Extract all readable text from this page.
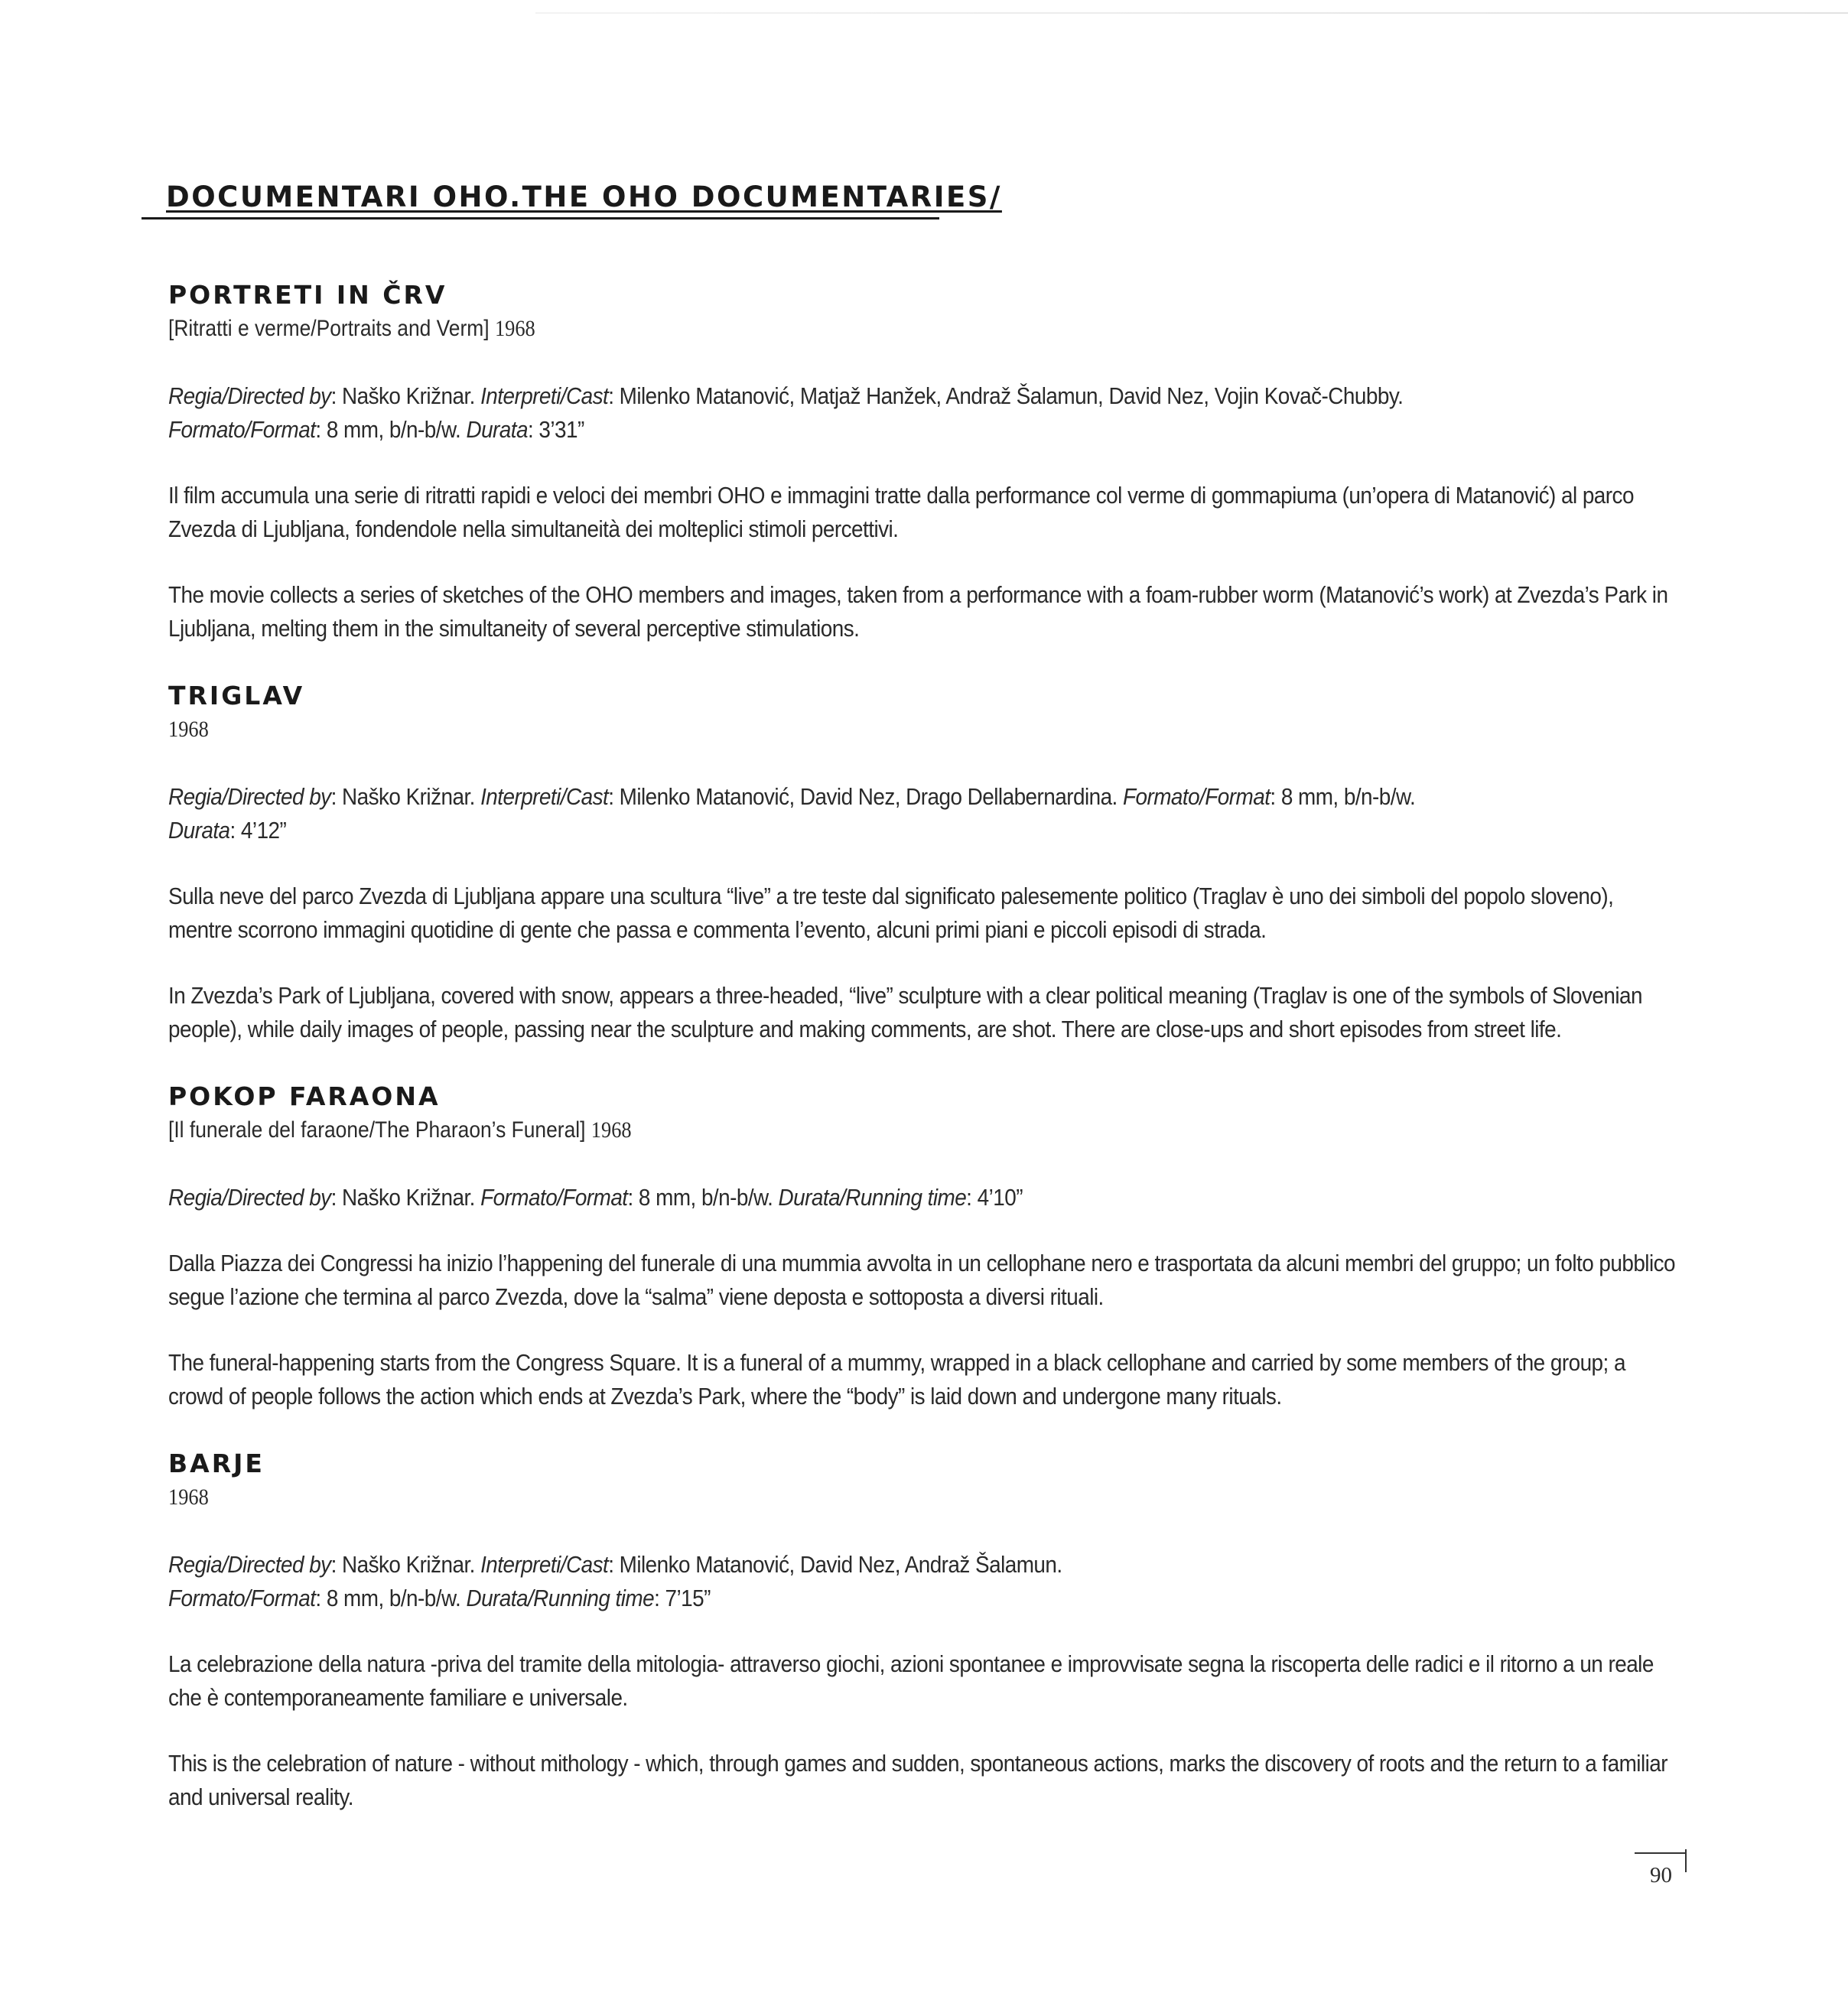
DOCUMENTARI OHO.THE OHO DOCUMENTARIES/
PORTRETI IN ČRV
[Ritratti e verme/Portraits and Verm] 1968

Regia/Directed by: Naško Križnar. Interpreti/Cast: Milenko Matanović, Matjaž Hanžek, Andraž Šalamun, David Nez, Vojin Kovač-Chubby.
Formato/Format: 8 mm, b/n-b/w. Durata: 3’31”

Il film accumula una serie di ritratti rapidi e veloci dei membri OHO e immagini tratte dalla performance col verme di gommapiuma (un’opera di Matanović) al parco Zvezda di Ljubljana, fondendole nella simultaneità dei molteplici stimoli percettivi.

The movie collects a series of sketches of the OHO members and images, taken from a performance with a foam-rubber worm (Matanović’s work) at Zvezda’s Park in Ljubljana, melting them in the simultaneity of several perceptive stimulations.

TRIGLAV
1968

Regia/Directed by: Naško Križnar. Interpreti/Cast: Milenko Matanović, David Nez, Drago Dellabernardina. Formato/Format: 8 mm, b/n-b/w.
Durata: 4’12”

Sulla neve del parco Zvezda di Ljubljana appare una scultura “live” a tre teste dal significato palesemente politico (Traglav è uno dei simboli del popolo sloveno), mentre scorrono immagini quotidine di gente che passa e commenta l’evento, alcuni primi piani e piccoli episodi di strada.

In Zvezda’s Park of Ljubljana, covered with snow, appears a three-headed, “live” sculpture with a clear political meaning (Traglav is one of the symbols of Slovenian people), while daily images of people, passing near the sculpture and making comments, are shot. There are close-ups and short episodes from street life.

POKOP FARAONA
[Il funerale del faraone/The Pharaon’s Funeral] 1968

Regia/Directed by: Naško Križnar. Formato/Format: 8 mm, b/n-b/w. Durata/Running time: 4’10”

Dalla Piazza dei Congressi ha inizio l’happening del funerale di una mummia avvolta in un cellophane nero e trasportata da alcuni membri del gruppo; un folto pubblico segue l’azione che termina al parco Zvezda, dove la “salma” viene deposta e sottoposta a diversi rituali.

The funeral-happening starts from the Congress Square. It is a funeral of a mummy, wrapped in a black cellophane and carried by some members of the group; a crowd of people follows the action which ends at Zvezda’s Park, where the “body” is laid down and undergone many rituals.

BARJE
1968

Regia/Directed by: Naško Križnar. Interpreti/Cast: Milenko Matanović, David Nez, Andraž Šalamun.
Formato/Format: 8 mm, b/n-b/w. Durata/Running time: 7’15”

La celebrazione della natura -priva del tramite della mitologia- attraverso giochi, azioni spontanee e improvvisate segna la riscoperta delle radici e il ritorno a un reale che è contemporaneamente familiare e universale.

This is the celebration of nature - without mithology - which, through games and sudden, spontaneous actions, marks the discovery of roots and the return to a familiar and universal reality.

90
